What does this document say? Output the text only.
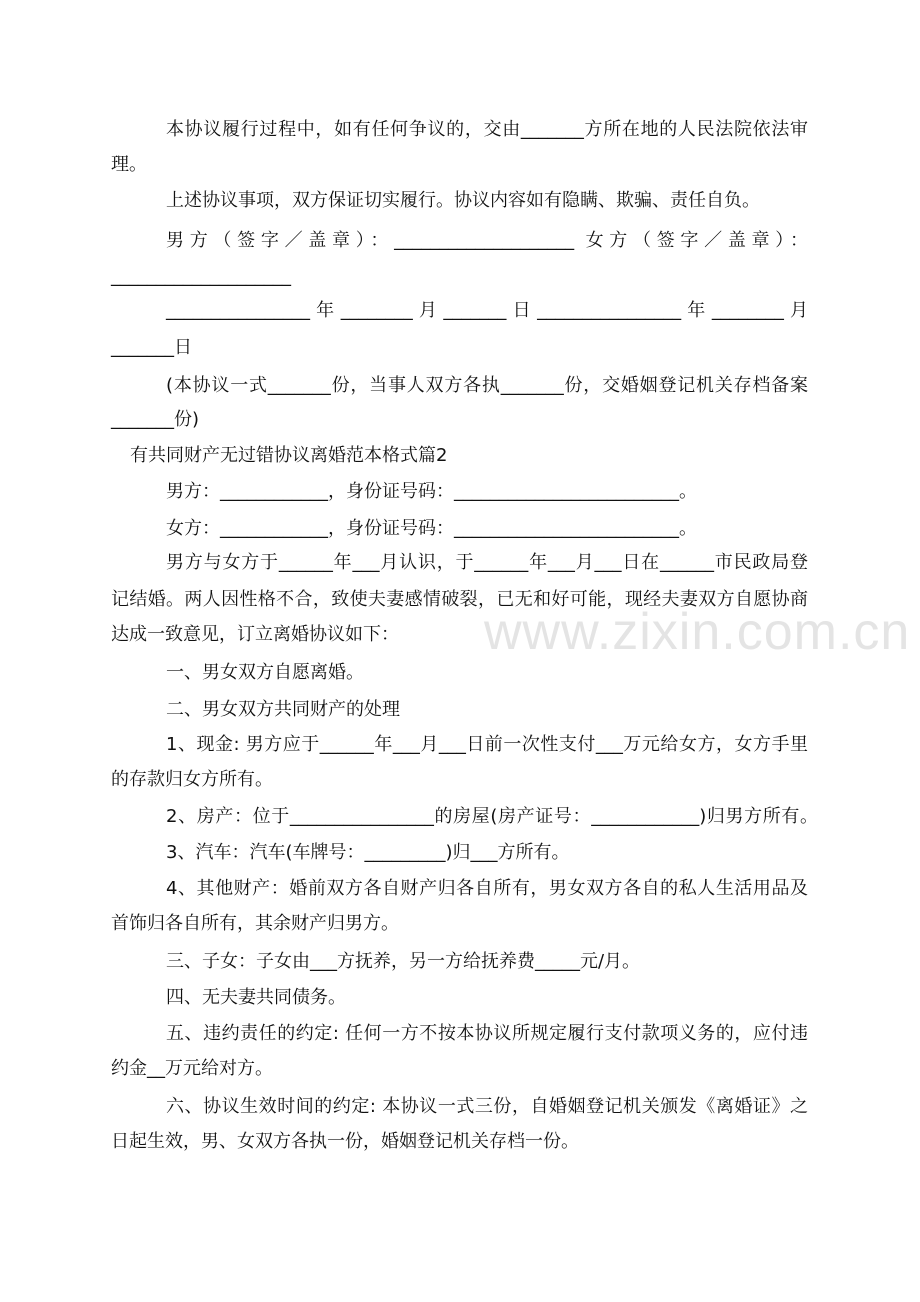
www.zixin.com.cn
本协议履行过程中，如有任何争议的，交由_______方所在地的人民法院依法审
理。
上述协议事项，双方保证切实履行。协议内容如有隐瞒、欺骗、责任自负。
男方（签字／盖章）：____________________ 女方（签字／盖章）：
____________________
________________ 年 ________ 月 _______ 日 ________________ 年 ________ 月
_______日
(本协议一式_______份，当事人双方各执_______份，交婚姻登记机关存档备案
_______份)
有共同财产无过错协议离婚范本格式篇2
男方：____________，身份证号码：_________________________。
女方：____________，身份证号码：_________________________。
男方与女方于______年___月认识，于______年___月___日在______市民政局登
记结婚。两人因性格不合，致使夫妻感情破裂，已无和好可能，现经夫妻双方自愿协商
达成一致意见，订立离婚协议如下：
一、男女双方自愿离婚。
二、男女双方共同财产的处理
1、现金: 男方应于______年___月___日前一次性支付___万元给女方，女方手里
的存款归女方所有。
2、房产：位于________________的房屋(房产证号：____________)归男方所有。
3、汽车：汽车(车牌号：_________)归___方所有。
4、其他财产：婚前双方各自财产归各自所有，男女双方各自的私人生活用品及
首饰归各自所有，其余财产归男方。
三、子女：子女由___方抚养，另一方给抚养费_____元/月。
四、无夫妻共同债务。
五、违约责任的约定: 任何一方不按本协议所规定履行支付款项义务的，应付违
约金__万元给对方。
六、协议生效时间的约定: 本协议一式三份，自婚姻登记机关颁发《离婚证》之
日起生效，男、女双方各执一份，婚姻登记机关存档一份。
